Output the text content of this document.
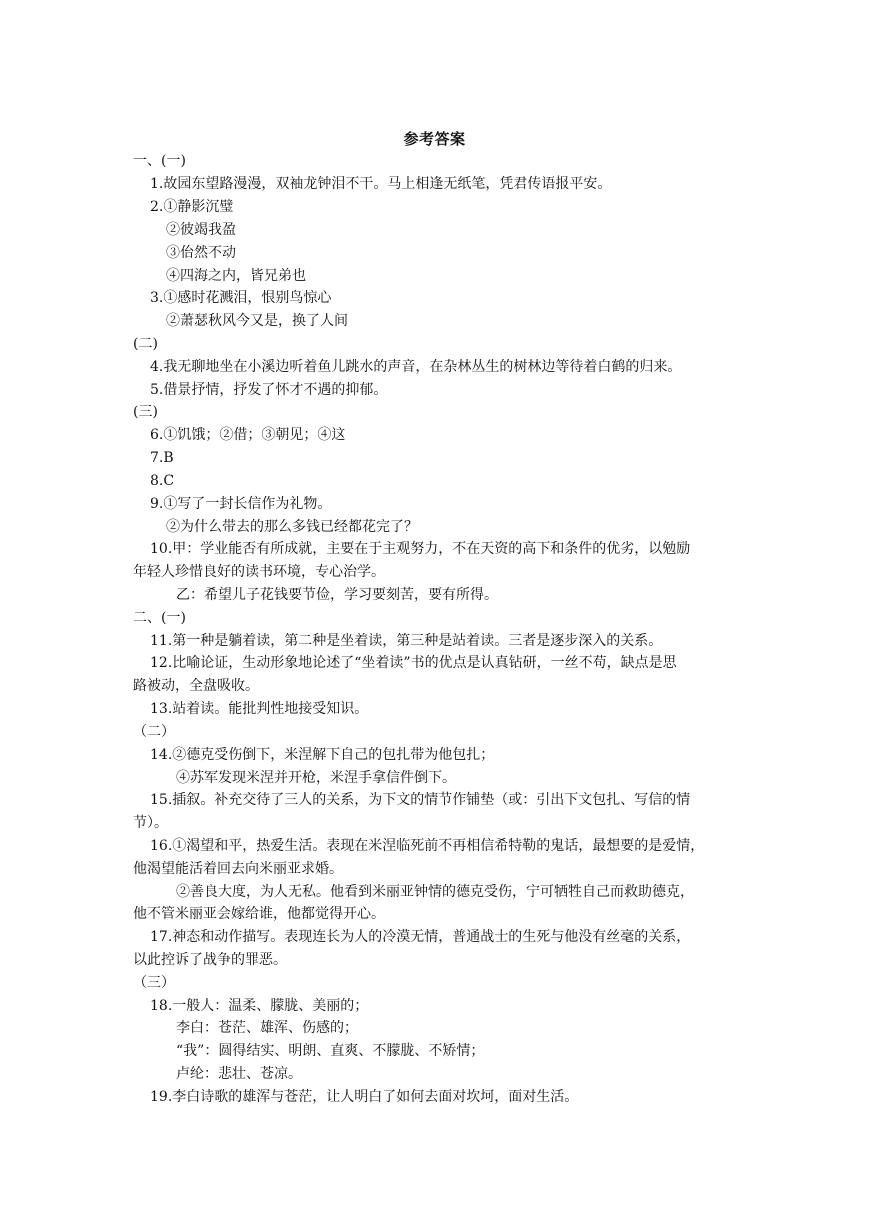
参考答案
一、(一)
1.故园东望路漫漫，双袖龙钟泪不干。马上相逢无纸笔，凭君传语报平安。
2.①静影沉璧
②彼竭我盈
③佁然不动
④四海之内，皆兄弟也
3.①感时花溅泪，恨别鸟惊心
②萧瑟秋风今又是，换了人间
(二)
4.我无聊地坐在小溪边听着鱼儿跳水的声音，在杂林丛生的树林边等待着白鹤的归来。
5.借景抒情，抒发了怀才不遇的抑郁。
(三)
6.①饥饿；②借；③朝见；④这
7.B
8.C
9.①写了一封长信作为礼物。
②为什么带去的那么多钱已经都花完了？
10.甲：学业能否有所成就，主要在于主观努力，不在天资的高下和条件的优劣，以勉励
年轻人珍惜良好的读书环境，专心治学。
乙：希望儿子花钱要节俭，学习要刻苦，要有所得。
二、(一)
11.第一种是躺着读，第二种是坐着读，第三种是站着读。三者是逐步深入的关系。
12.比喻论证，生动形象地论述了“坐着读”书的优点是认真钻研，一丝不苟，缺点是思
路被动，全盘吸收。
13.站着读。能批判性地接受知识。
（二）
14.②德克受伤倒下，米涅解下自己的包扎带为他包扎；
④苏军发现米涅并开枪，米涅手拿信件倒下。
15.插叙。补充交待了三人的关系，为下文的情节作铺垫（或：引出下文包扎、写信的情
节）。
16.①渴望和平，热爱生活。表现在米涅临死前不再相信希特勒的鬼话，最想要的是爱情，
他渴望能活着回去向米丽亚求婚。
②善良大度，为人无私。他看到米丽亚钟情的德克受伤，宁可牺牲自己而救助德克，
他不管米丽亚会嫁给谁，他都觉得开心。
17.神态和动作描写。表现连长为人的冷漠无情，普通战士的生死与他没有丝毫的关系，
以此控诉了战争的罪恶。
（三）
18.一般人：温柔、朦胧、美丽的；
李白：苍茫、雄浑、伤感的；
“我”：圆得结实、明朗、直爽、不朦胧、不矫情；
卢纶：悲壮、苍凉。
19.李白诗歌的雄浑与苍茫，让人明白了如何去面对坎坷，面对生活。
